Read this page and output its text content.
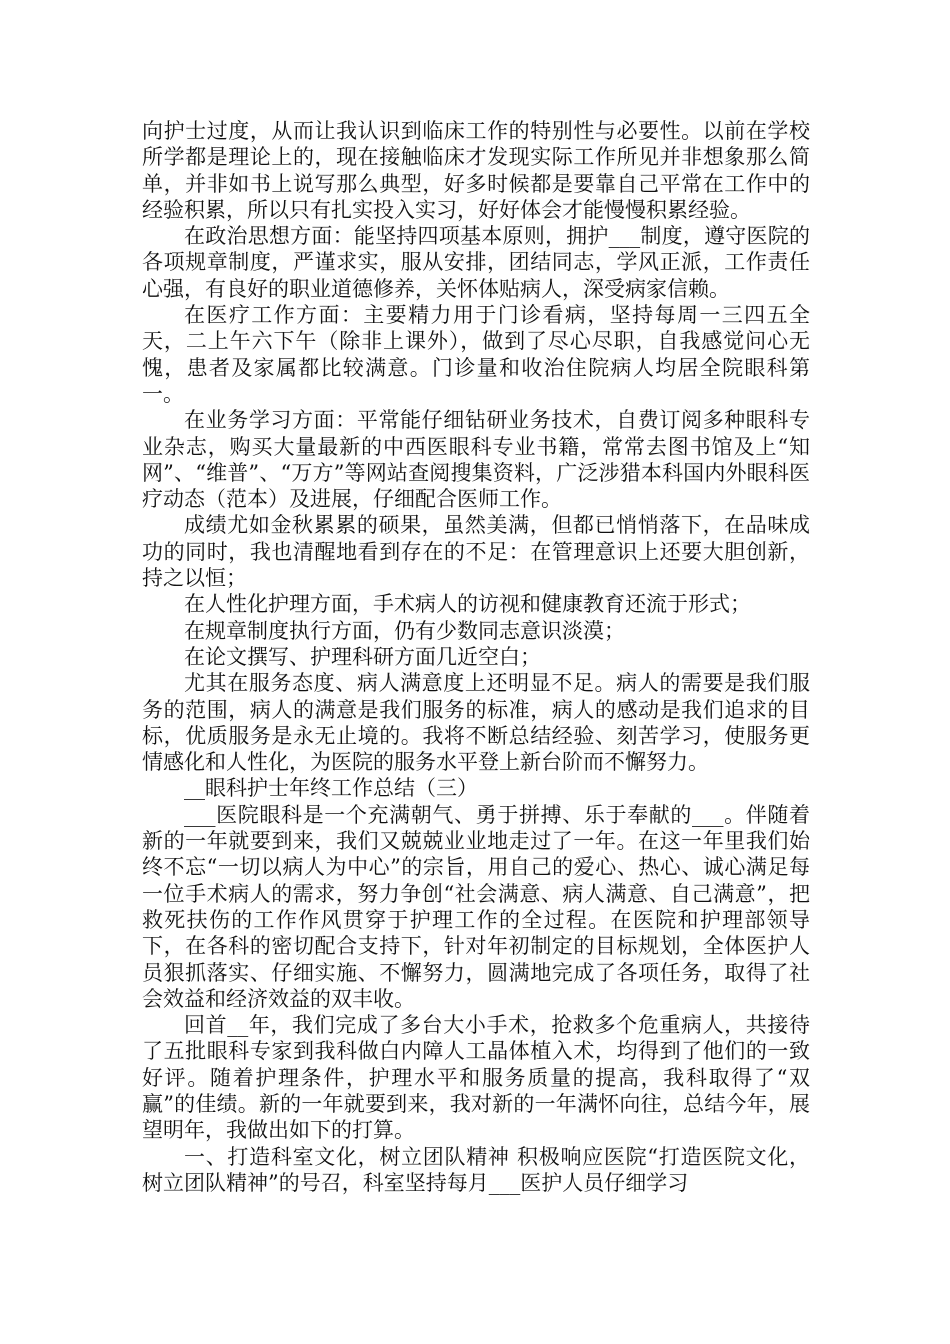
向护士过度，从而让我认识到临床工作的特别性与必要性。以前在学校所学都是理论上的，现在接触临床才发现实际工作所见并非想象那么简单，并非如书上说写那么典型，好多时候都是要靠自己平常在工作中的经验积累，所以只有扎实投入实习，好好体会才能慢慢积累经验。

在政治思想方面：能坚持四项基本原则，拥护___制度，遵守医院的各项规章制度，严谨求实，服从安排，团结同志，学风正派，工作责任心强，有良好的职业道德修养，关怀体贴病人，深受病家信赖。

在医疗工作方面：主要精力用于门诊看病，坚持每周一三四五全天，二上午六下午（除非上课外），做到了尽心尽职，自我感觉问心无愧，患者及家属都比较满意。门诊量和收治住院病人均居全院眼科第一。

在业务学习方面：平常能仔细钻研业务技术，自费订阅多种眼科专业杂志，购买大量最新的中西医眼科专业书籍，常常去图书馆及上“知网”、“维普”、“万方”等网站查阅搜集资料，广泛涉猎本科国内外眼科医疗动态（范本）及进展，仔细配合医师工作。

成绩尤如金秋累累的硕果，虽然美满，但都已悄悄落下，在品味成功的同时，我也清醒地看到存在的不足：在管理意识上还要大胆创新，持之以恒；

在人性化护理方面，手术病人的访视和健康教育还流于形式；

在规章制度执行方面，仍有少数同志意识淡漠；

在论文撰写、护理科研方面几近空白；

尤其在服务态度、病人满意度上还明显不足。病人的需要是我们服务的范围，病人的满意是我们服务的标准，病人的感动是我们追求的目标，优质服务是永无止境的。我将不断总结经验、刻苦学习，使服务更情感化和人性化，为医院的服务水平登上新台阶而不懈努力。

__眼科护士年终工作总结（三）

___医院眼科是一个充满朝气、勇于拼搏、乐于奉献的___。伴随着新的一年就要到来，我们又兢兢业业地走过了一年。在这一年里我们始终不忘“一切以病人为中心”的宗旨，用自己的爱心、热心、诚心满足每一位手术病人的需求，努力争创“社会满意、病人满意、自己满意”，把救死扶伤的工作作风贯穿于护理工作的全过程。在医院和护理部领导下，在各科的密切配合支持下，针对年初制定的目标规划，全体医护人员狠抓落实、仔细实施、不懈努力，圆满地完成了各项任务，取得了社会效益和经济效益的双丰收。

回首__年，我们完成了多台大小手术，抢救多个危重病人，共接待了五批眼科专家到我科做白内障人工晶体植入术，均得到了他们的一致好评。随着护理条件，护理水平和服务质量的提高，我科取得了“双赢”的佳绩。新的一年就要到来，我对新的一年满怀向往，总结今年，展望明年，我做出如下的打算。

一、打造科室文化，树立团队精神 积极响应医院“打造医院文化，树立团队精神”的号召，科室坚持每月___医护人员仔细学习
